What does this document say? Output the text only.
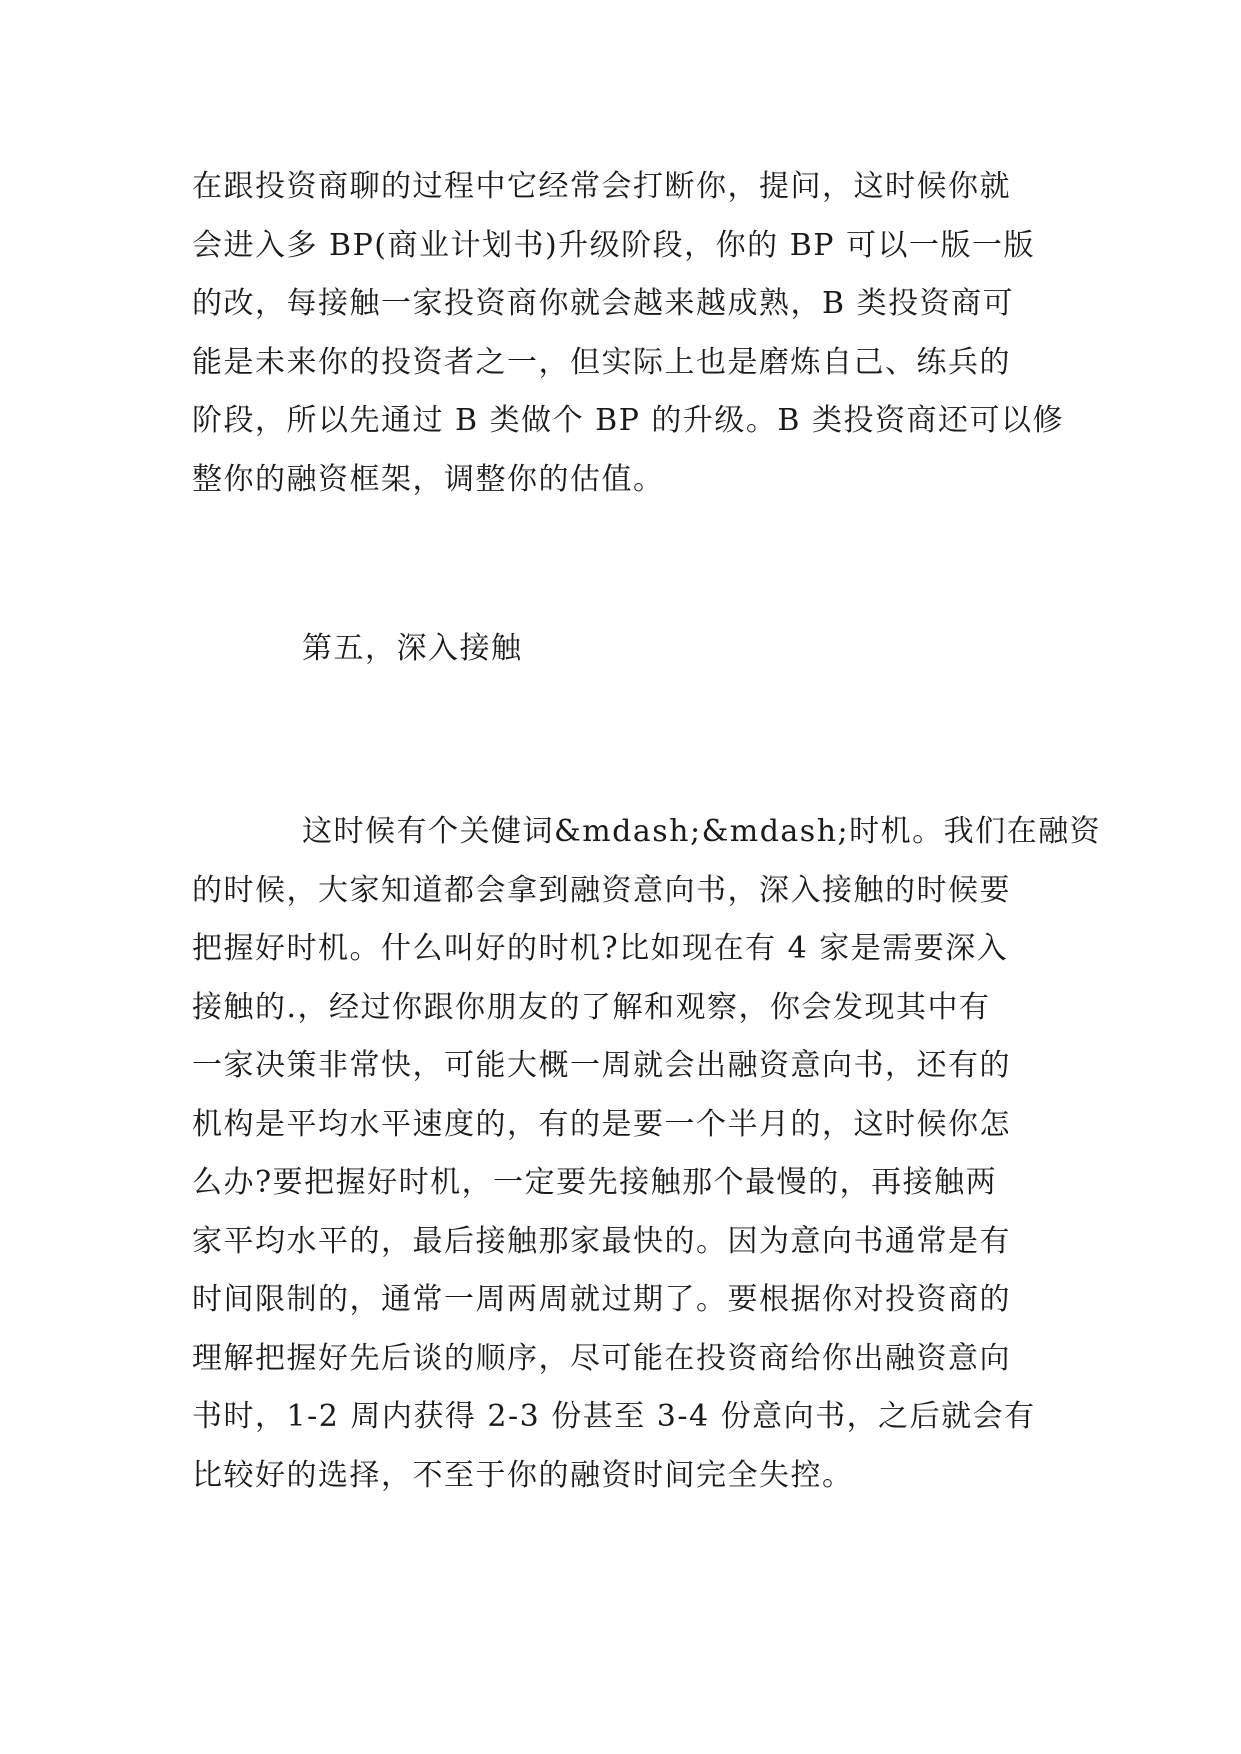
在跟投资商聊的过程中它经常会打断你，提问，这时候你就
会进入多 BP(商业计划书)升级阶段，你的 BP 可以一版一版
的改，每接触一家投资商你就会越来越成熟，B 类投资商可
能是未来你的投资者之一，但实际上也是磨炼自己、练兵的
阶段，所以先通过 B 类做个 BP 的升级。B 类投资商还可以修
整你的融资框架，调整你的估值。

第五，深入接触

这时候有个关健词&mdash;&mdash;时机。我们在融资
的时候，大家知道都会拿到融资意向书，深入接触的时候要
把握好时机。什么叫好的时机?比如现在有 4 家是需要深入
接触的.，经过你跟你朋友的了解和观察，你会发现其中有
一家决策非常快，可能大概一周就会出融资意向书，还有的
机构是平均水平速度的，有的是要一个半月的，这时候你怎
么办?要把握好时机，一定要先接触那个最慢的，再接触两
家平均水平的，最后接触那家最快的。因为意向书通常是有
时间限制的，通常一周两周就过期了。要根据你对投资商的
理解把握好先后谈的顺序，尽可能在投资商给你出融资意向
书时，1-2 周内获得 2-3 份甚至 3-4 份意向书，之后就会有
比较好的选择，不至于你的融资时间完全失控。
